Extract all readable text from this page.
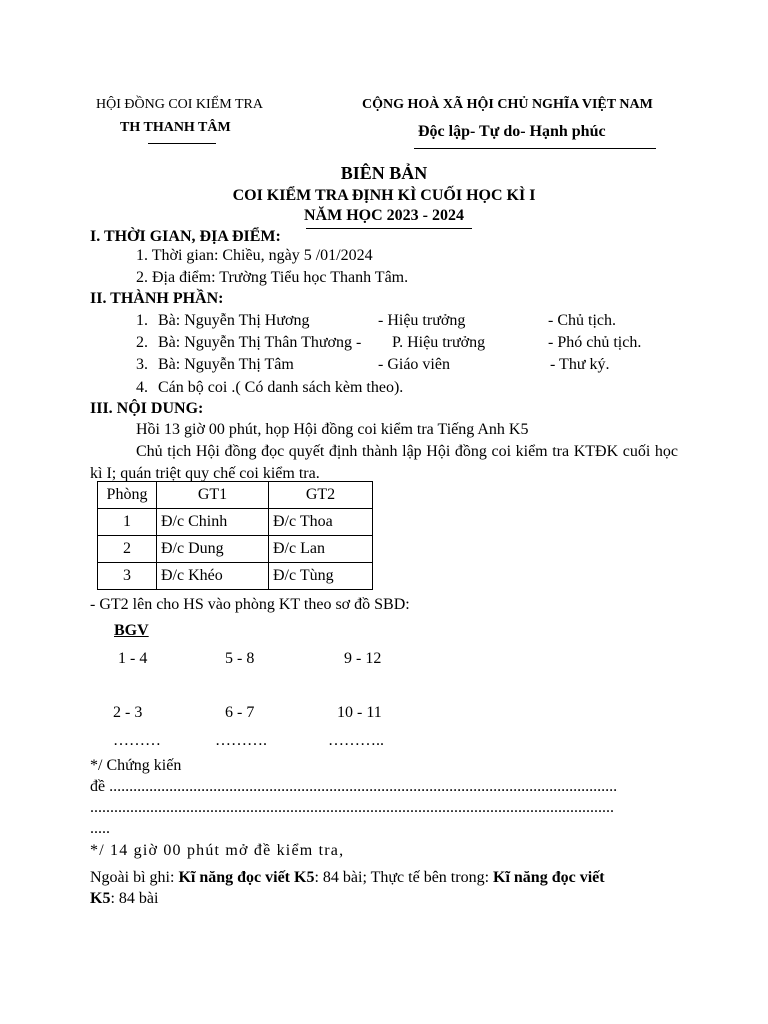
HỘI ĐỒNG COI KIỂM TRA
TH THANH TÂM
CỘNG HOÀ XÃ HỘI CHỦ NGHĨA VIỆT NAM
Độc lập- Tự do- Hạnh phúc
BIÊN BẢN
COI KIỂM TRA ĐỊNH KÌ CUỐI HỌC KÌ I
NĂM HỌC 2023 - 2024
I. THỜI GIAN, ĐỊA ĐIỂM:
1. Thời gian: Chiều, ngày 5 /01/2024
2. Địa điểm: Trường Tiểu học Thanh Tâm.
II. THÀNH PHẦN:
1. Bà: Nguyễn Thị Hương	- Hiệu trưởng	- Chủ tịch.
2. Bà: Nguyễn Thị Thân Thương - P. Hiệu trưởng	- Phó chủ tịch.
3. Bà: Nguyễn Thị Tâm	- Giáo viên	- Thư ký.
4. Cán bộ coi .( Có danh sách kèm theo).
III. NỘI DUNG:
Hồi 13 giờ 00 phút, họp Hội đồng coi kiểm tra Tiếng Anh K5
Chủ tịch Hội đồng đọc quyết định thành lập Hội đồng coi kiểm tra KTĐK cuối học kì I; quán triệt quy chế coi kiểm tra.
Phòng	GT1	GT2
1	Đ/c Chinh	Đ/c Thoa
2	Đ/c Dung	Đ/c Lan
3	Đ/c Khéo	Đ/c Tùng
- GT2 lên cho HS vào phòng KT theo sơ đồ SBD:
BGV
1 - 4	5 - 8	9 - 12
2 - 3	6 - 7	10 - 11
………	……….	………..
*/ Chứng kiến
đề ...............................................................................................................................
...................................................................................................................................
.....
*/ 14 giờ 00 phút mở đề kiểm tra,
Ngoài bì ghi: Kĩ năng đọc viết K5: 84 bài; Thực tế bên trong: Kĩ năng đọc viết
K5: 84 bài
